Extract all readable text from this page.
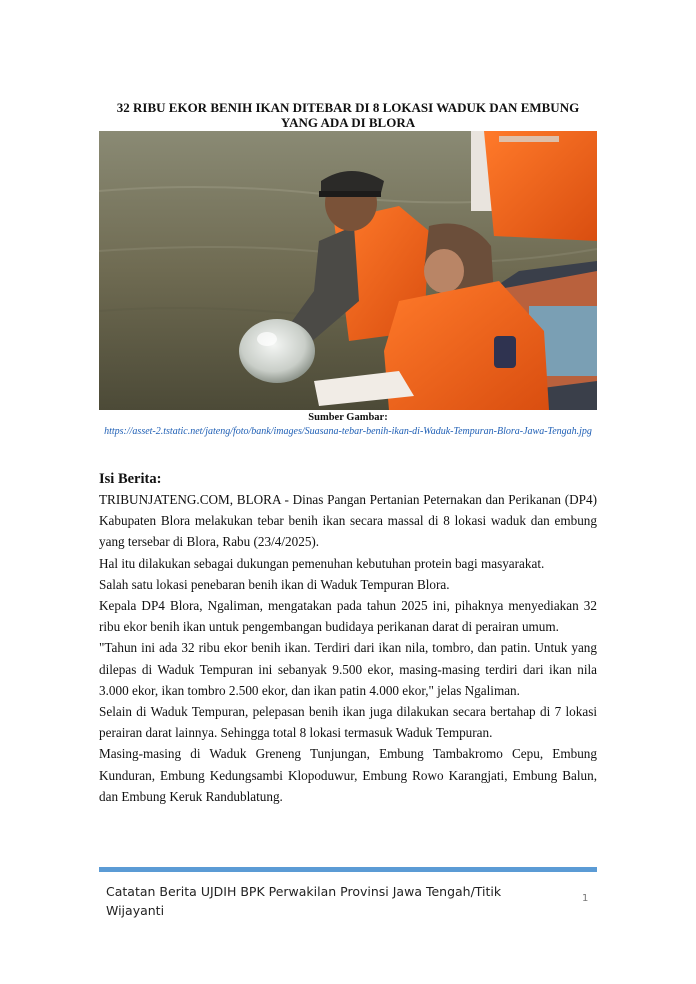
32 RIBU EKOR BENIH IKAN DITEBAR DI 8 LOKASI WADUK DAN EMBUNG YANG ADA DI BLORA
Sumber Gambar:
https://asset-2.tstatic.net/jateng/foto/bank/images/Suasana-tebar-benih-ikan-di-Waduk-Tempuran-Blora-Jawa-Tengah.jpg
Isi Berita:

TRIBUNJATENG.COM, BLORA - Dinas Pangan Pertanian Peternakan dan Perikanan (DP4) Kabupaten Blora melakukan tebar benih ikan secara massal di 8 lokasi waduk dan embung yang tersebar di Blora, Rabu (23/4/2025).

Hal itu dilakukan sebagai dukungan pemenuhan kebutuhan protein bagi masyarakat.

Salah satu lokasi penebaran benih ikan di Waduk Tempuran Blora.

Kepala DP4 Blora, Ngaliman, mengatakan pada tahun 2025 ini, pihaknya menyediakan 32 ribu ekor benih ikan untuk pengembangan budidaya perikanan darat di perairan umum.

"Tahun ini ada 32 ribu ekor benih ikan. Terdiri dari ikan nila, tombro, dan patin. Untuk yang dilepas di Waduk Tempuran ini sebanyak 9.500 ekor, masing-masing terdiri dari ikan nila 3.000 ekor, ikan tombro 2.500 ekor, dan ikan patin 4.000 ekor," jelas Ngaliman.

Selain di Waduk Tempuran, pelepasan benih ikan juga dilakukan secara bertahap di 7 lokasi perairan darat lainnya. Sehingga total 8 lokasi termasuk Waduk Tempuran.

Masing-masing di Waduk Greneng Tunjungan, Embung Tambakromo Cepu, Embung Kunduran, Embung Kedungsambi Klopoduwur, Embung Rowo Karangjati, Embung Balun, dan Embung Keruk Randublatung.

Catatan Berita UJDIH BPK Perwakilan Provinsi Jawa Tengah/Titik Wijayanti
1
